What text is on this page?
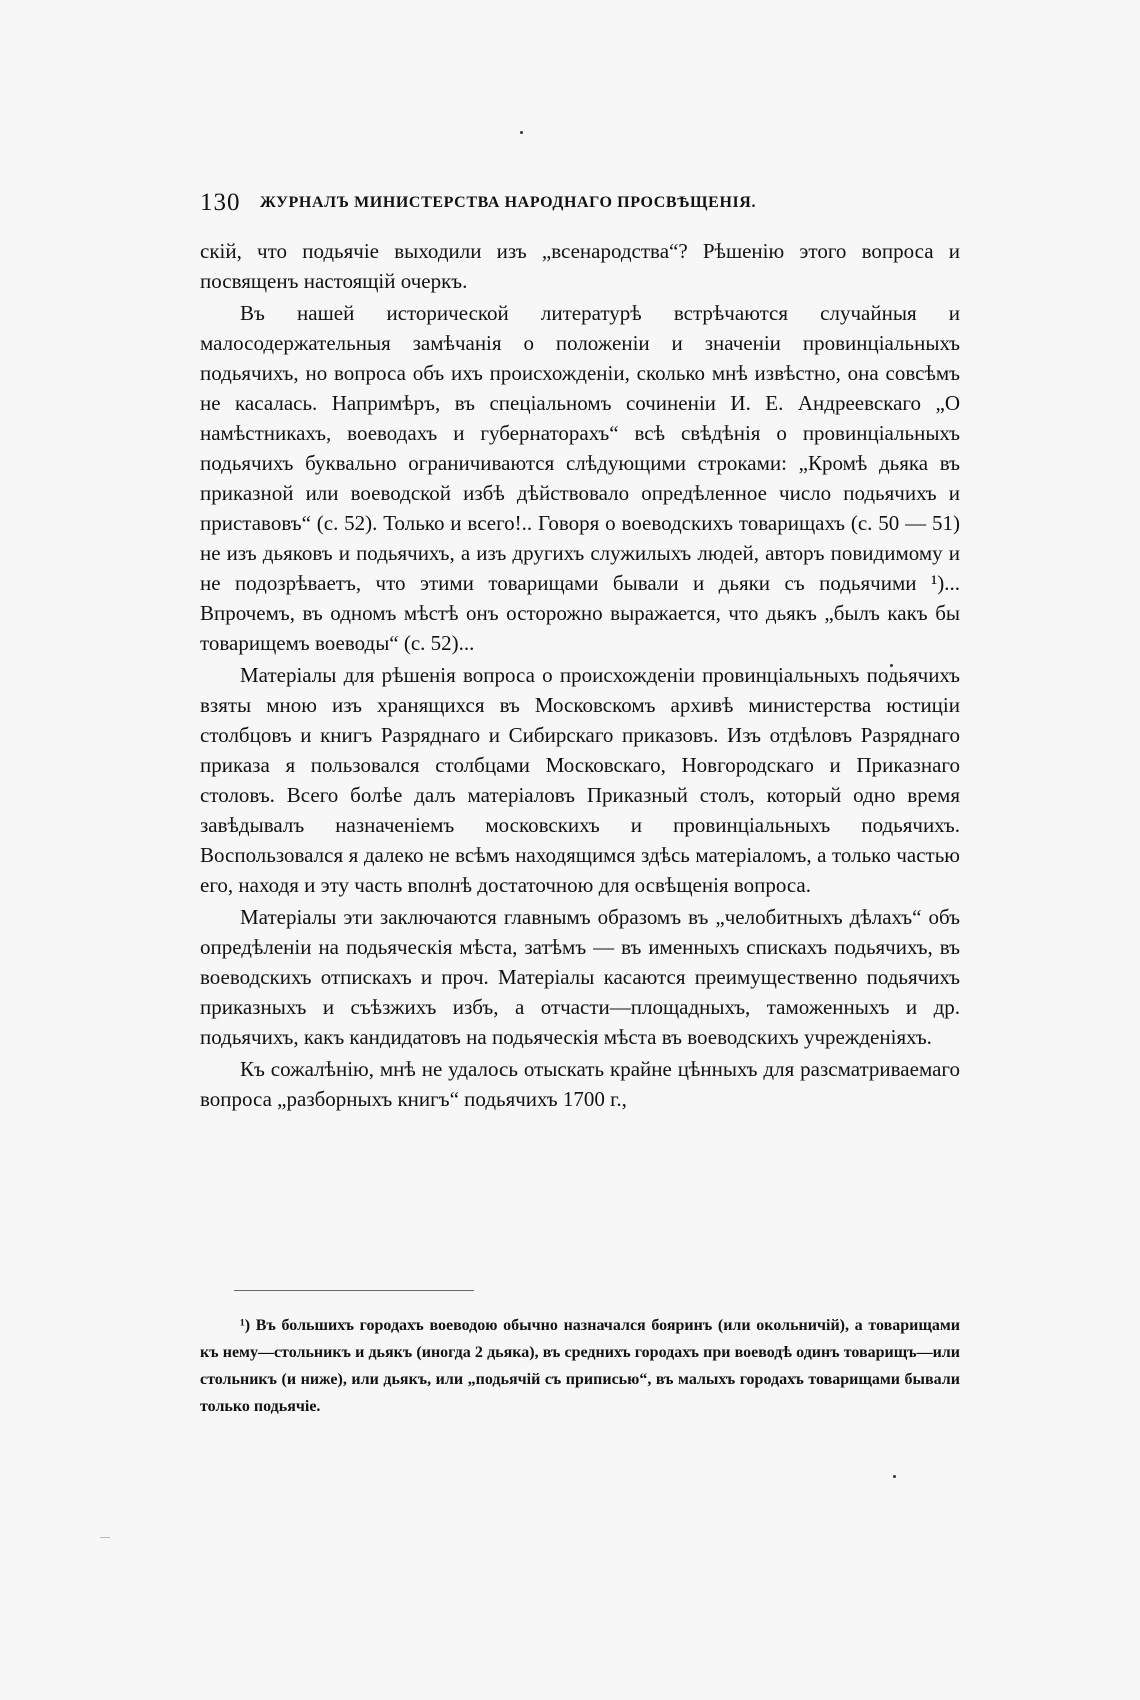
130 ЖУРНАЛЪ МИНИСТЕРСТВА НАРОДНАГО ПРОСВѢЩЕНІЯ.

скій, что подьячіе выходили изъ „всенародства“? Рѣшенію этого вопроса и посвященъ настоящій очеркъ.

Въ нашей исторической литературѣ встрѣчаются случайныя и малосодержательныя замѣчанія о положеніи и значеніи провинціальныхъ подьячихъ, но вопроса объ ихъ происхожденіи, сколько мнѣ извѣстно, она совсѣмъ не касалась. Напримѣръ, въ спеціальномъ сочиненіи И. Е. Андреевскаго „О намѣстникахъ, воеводахъ и губернаторахъ“ всѣ свѣдѣнія о провинціальныхъ подьячихъ буквально ограничиваются слѣдующими строками: „Кромѣ дьяка въ приказной или воеводской избѣ дѣйствовало опредѣленное число подьячихъ и приставовъ“ (с. 52). Только и всего!.. Говоря о воеводскихъ товарищахъ (с. 50 — 51) не изъ дьяковъ и подьячихъ, а изъ другихъ служилыхъ людей, авторъ повидимому и не подозрѣваетъ, что этими товарищами бывали и дьяки съ подьячими ¹)... Впрочемъ, въ одномъ мѣстѣ онъ осторожно выражается, что дьякъ „былъ какъ бы товарищемъ воеводы“ (с. 52)...

Матеріалы для рѣшенія вопроса о происхожденіи провинціальныхъ подьячихъ взяты мною изъ хранящихся въ Московскомъ архивѣ министерства юстиціи столбцовъ и книгъ Разряднаго и Сибирскаго приказовъ. Изъ отдѣловъ Разряднаго приказа я пользовался столбцами Московскаго, Новгородскаго и Приказнаго столовъ. Всего болѣе далъ матеріаловъ Приказный столъ, который одно время завѣдывалъ назначеніемъ московскихъ и провинціальныхъ подьячихъ. Воспользовался я далеко не всѣмъ находящимся здѣсь матеріаломъ, а только частью его, находя и эту часть вполнѣ достаточною для освѣщенія вопроса.

Матеріалы эти заключаются главнымъ образомъ въ „челобитныхъ дѣлахъ“ объ опредѣленіи на подьяческія мѣста, затѣмъ — въ именныхъ спискахъ подьячихъ, въ воеводскихъ отпискахъ и проч. Матеріалы касаются преимущественно подьячихъ приказныхъ и съѣзжихъ избъ, а отчасти—площадныхъ, таможенныхъ и др. подьячихъ, какъ кандидатовъ на подьяческія мѣста въ воеводскихъ учрежденіяхъ.

Къ сожалѣнію, мнѣ не удалось отыскать крайне цѣнныхъ для разсматриваемаго вопроса „разборныхъ книгъ“ подьячихъ 1700 г.,

¹) Въ большихъ городахъ воеводою обычно назначался бояринъ (или окольничій), а товарищами къ нему—стольникъ и дьякъ (иногда 2 дьяка), въ среднихъ городахъ при воеводѣ одинъ товарищъ—или стольникъ (и ниже), или дьякъ, или „подьячій съ приписью“, въ малыхъ городахъ товарищами бывали только подьячіе.
